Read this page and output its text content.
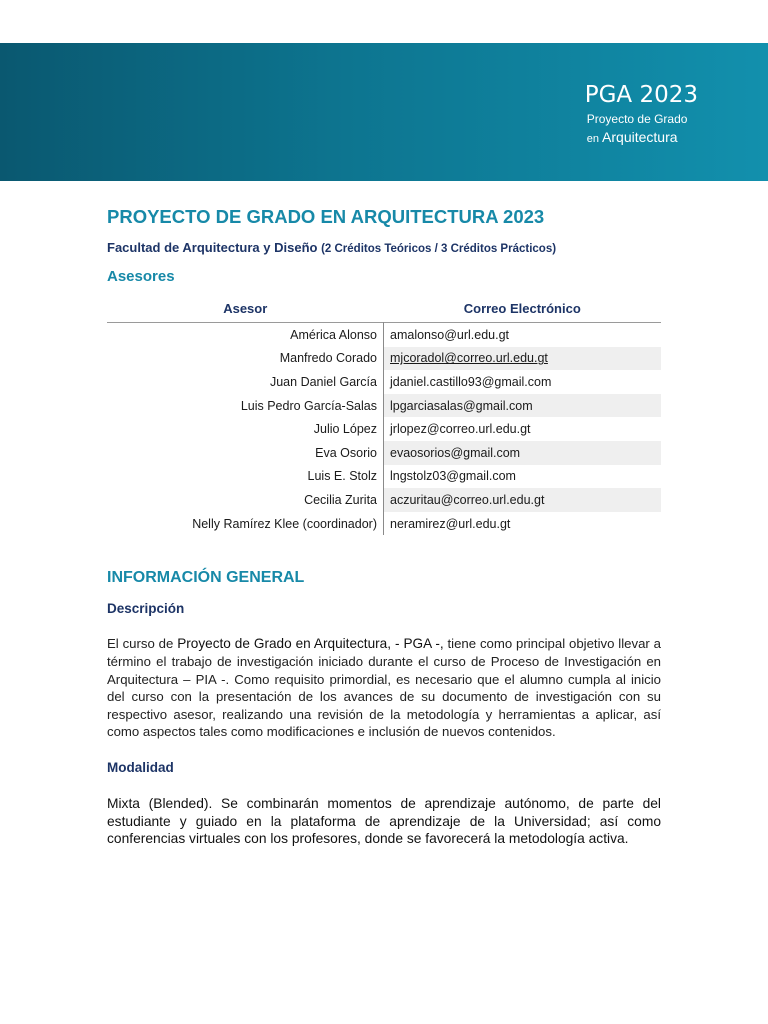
PGA 2023
Proyecto de Grado
en Arquitectura
PROYECTO DE GRADO EN ARQUITECTURA 2023
Facultad de Arquitectura y Diseño (2 Créditos Teóricos / 3 Créditos Prácticos)
Asesores
Asesor	Correo Electrónico
América Alonso	amalonso@url.edu.gt
Manfredo Corado	mjcoradol@correo.url.edu.gt
Juan Daniel García	jdaniel.castillo93@gmail.com
Luis Pedro García-Salas	lpgarciasalas@gmail.com
Julio López	jrlopez@correo.url.edu.gt
Eva Osorio	evaosorios@gmail.com
Luis E. Stolz	lngstolz03@gmail.com
Cecilia Zurita	aczuritau@correo.url.edu.gt
Nelly Ramírez Klee (coordinador)	neramirez@url.edu.gt
INFORMACIÓN GENERAL
Descripción
El curso de Proyecto de Grado en Arquitectura, - PGA -, tiene como principal objetivo llevar a término el trabajo de investigación iniciado durante el curso de Proceso de Investigación en Arquitectura – PIA -. Como requisito primordial, es necesario que el alumno cumpla al inicio del curso con la presentación de los avances de su documento de investigación con su respectivo asesor, realizando una revisión de la metodología y herramientas a aplicar, así como aspectos tales como modificaciones e inclusión de nuevos contenidos.
Modalidad
Mixta (Blended). Se combinarán momentos de aprendizaje autónomo, de parte del estudiante y guiado en la plataforma de aprendizaje de la Universidad; así como conferencias virtuales con los profesores, donde se favorecerá la metodología activa.
